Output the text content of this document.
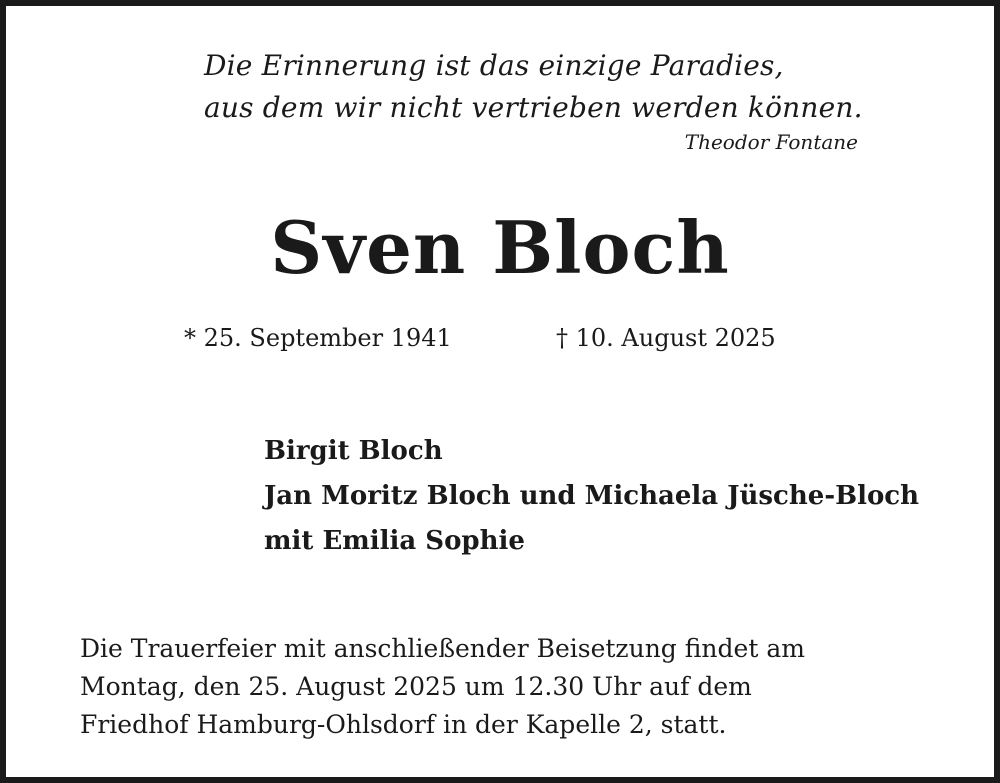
Die Erinnerung ist das einzige Paradies,
aus dem wir nicht vertrieben werden können.
Theodor Fontane
Sven Bloch
* 25. September 1941	† 10. August 2025
Birgit Bloch
Jan Moritz Bloch und Michaela Jüsche-Bloch
mit Emilia Sophie
Die Trauerfeier mit anschließender Beisetzung findet am
Montag, den 25. August 2025 um 12.30 Uhr auf dem
Friedhof Hamburg-Ohlsdorf in der Kapelle 2, statt.
